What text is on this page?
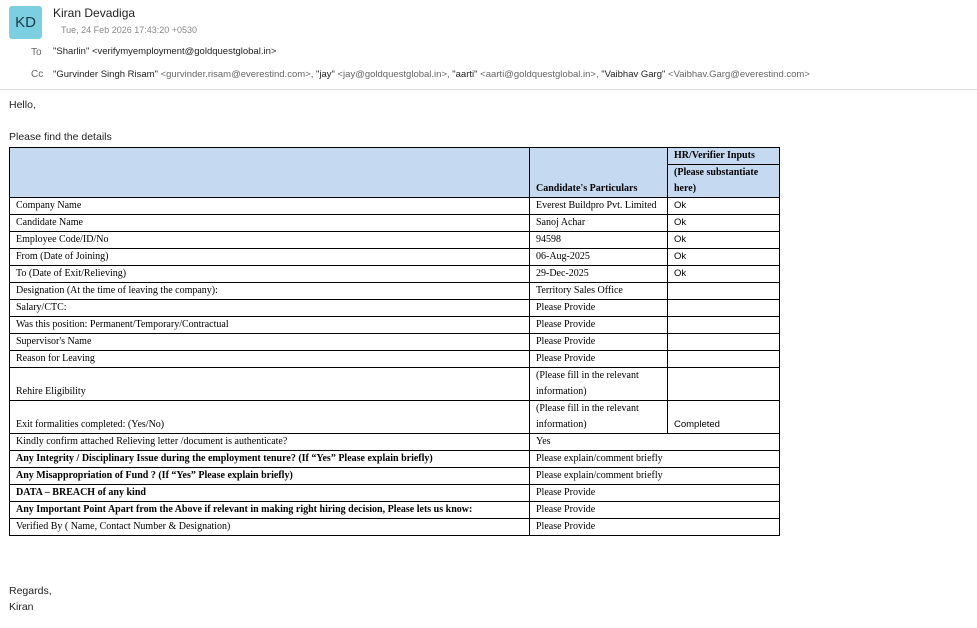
KD
Kiran Devadiga
Tue, 24 Feb 2026 17:43:20 +0530
To "Sharlin" <verifymyemployment@goldquestglobal.in>
Cc "Gurvinder Singh Risam" <gurvinder.risam@everestind.com>, "jay" <jay@goldquestglobal.in>, "aarti" <aarti@goldquestglobal.in>, "Vaibhav Garg" <Vaibhav.Garg@everestind.com>
Hello,
Please find the details
	Candidate's Particulars	HR/Verifier Inputs
		(Please substantiate here)
Company Name	Everest Buildpro Pvt. Limited	Ok
Candidate Name	Sanoj Achar	Ok
Employee Code/ID/No	94598	Ok
From (Date of Joining)	06-Aug-2025	Ok
To (Date of Exit/Relieving)	29-Dec-2025	Ok
Designation (At the time of leaving the company):	Territory Sales Office	
Salary/CTC:	Please Provide	
Was this position: Permanent/Temporary/Contractual	Please Provide	
Supervisor's Name	Please Provide	
Reason for Leaving	Please Provide	
Rehire Eligibility	(Please fill in the relevant information)	
Exit formalities completed: (Yes/No)	(Please fill in the relevant information)	Completed
Kindly confirm attached Relieving letter /document is authenticate?	Yes	
Any Integrity / Disciplinary Issue during the employment tenure? (If “Yes” Please explain briefly)	Please explain/comment briefly	
Any Misappropriation of Fund ? (If “Yes” Please explain briefly)	Please explain/comment briefly	
DATA – BREACH of any kind	Please Provide	
Any Important Point Apart from the Above if relevant in making right hiring decision, Please lets us know:	Please Provide	
Verified By ( Name, Contact Number & Designation)	Please Provide	
Regards,
Kiran
